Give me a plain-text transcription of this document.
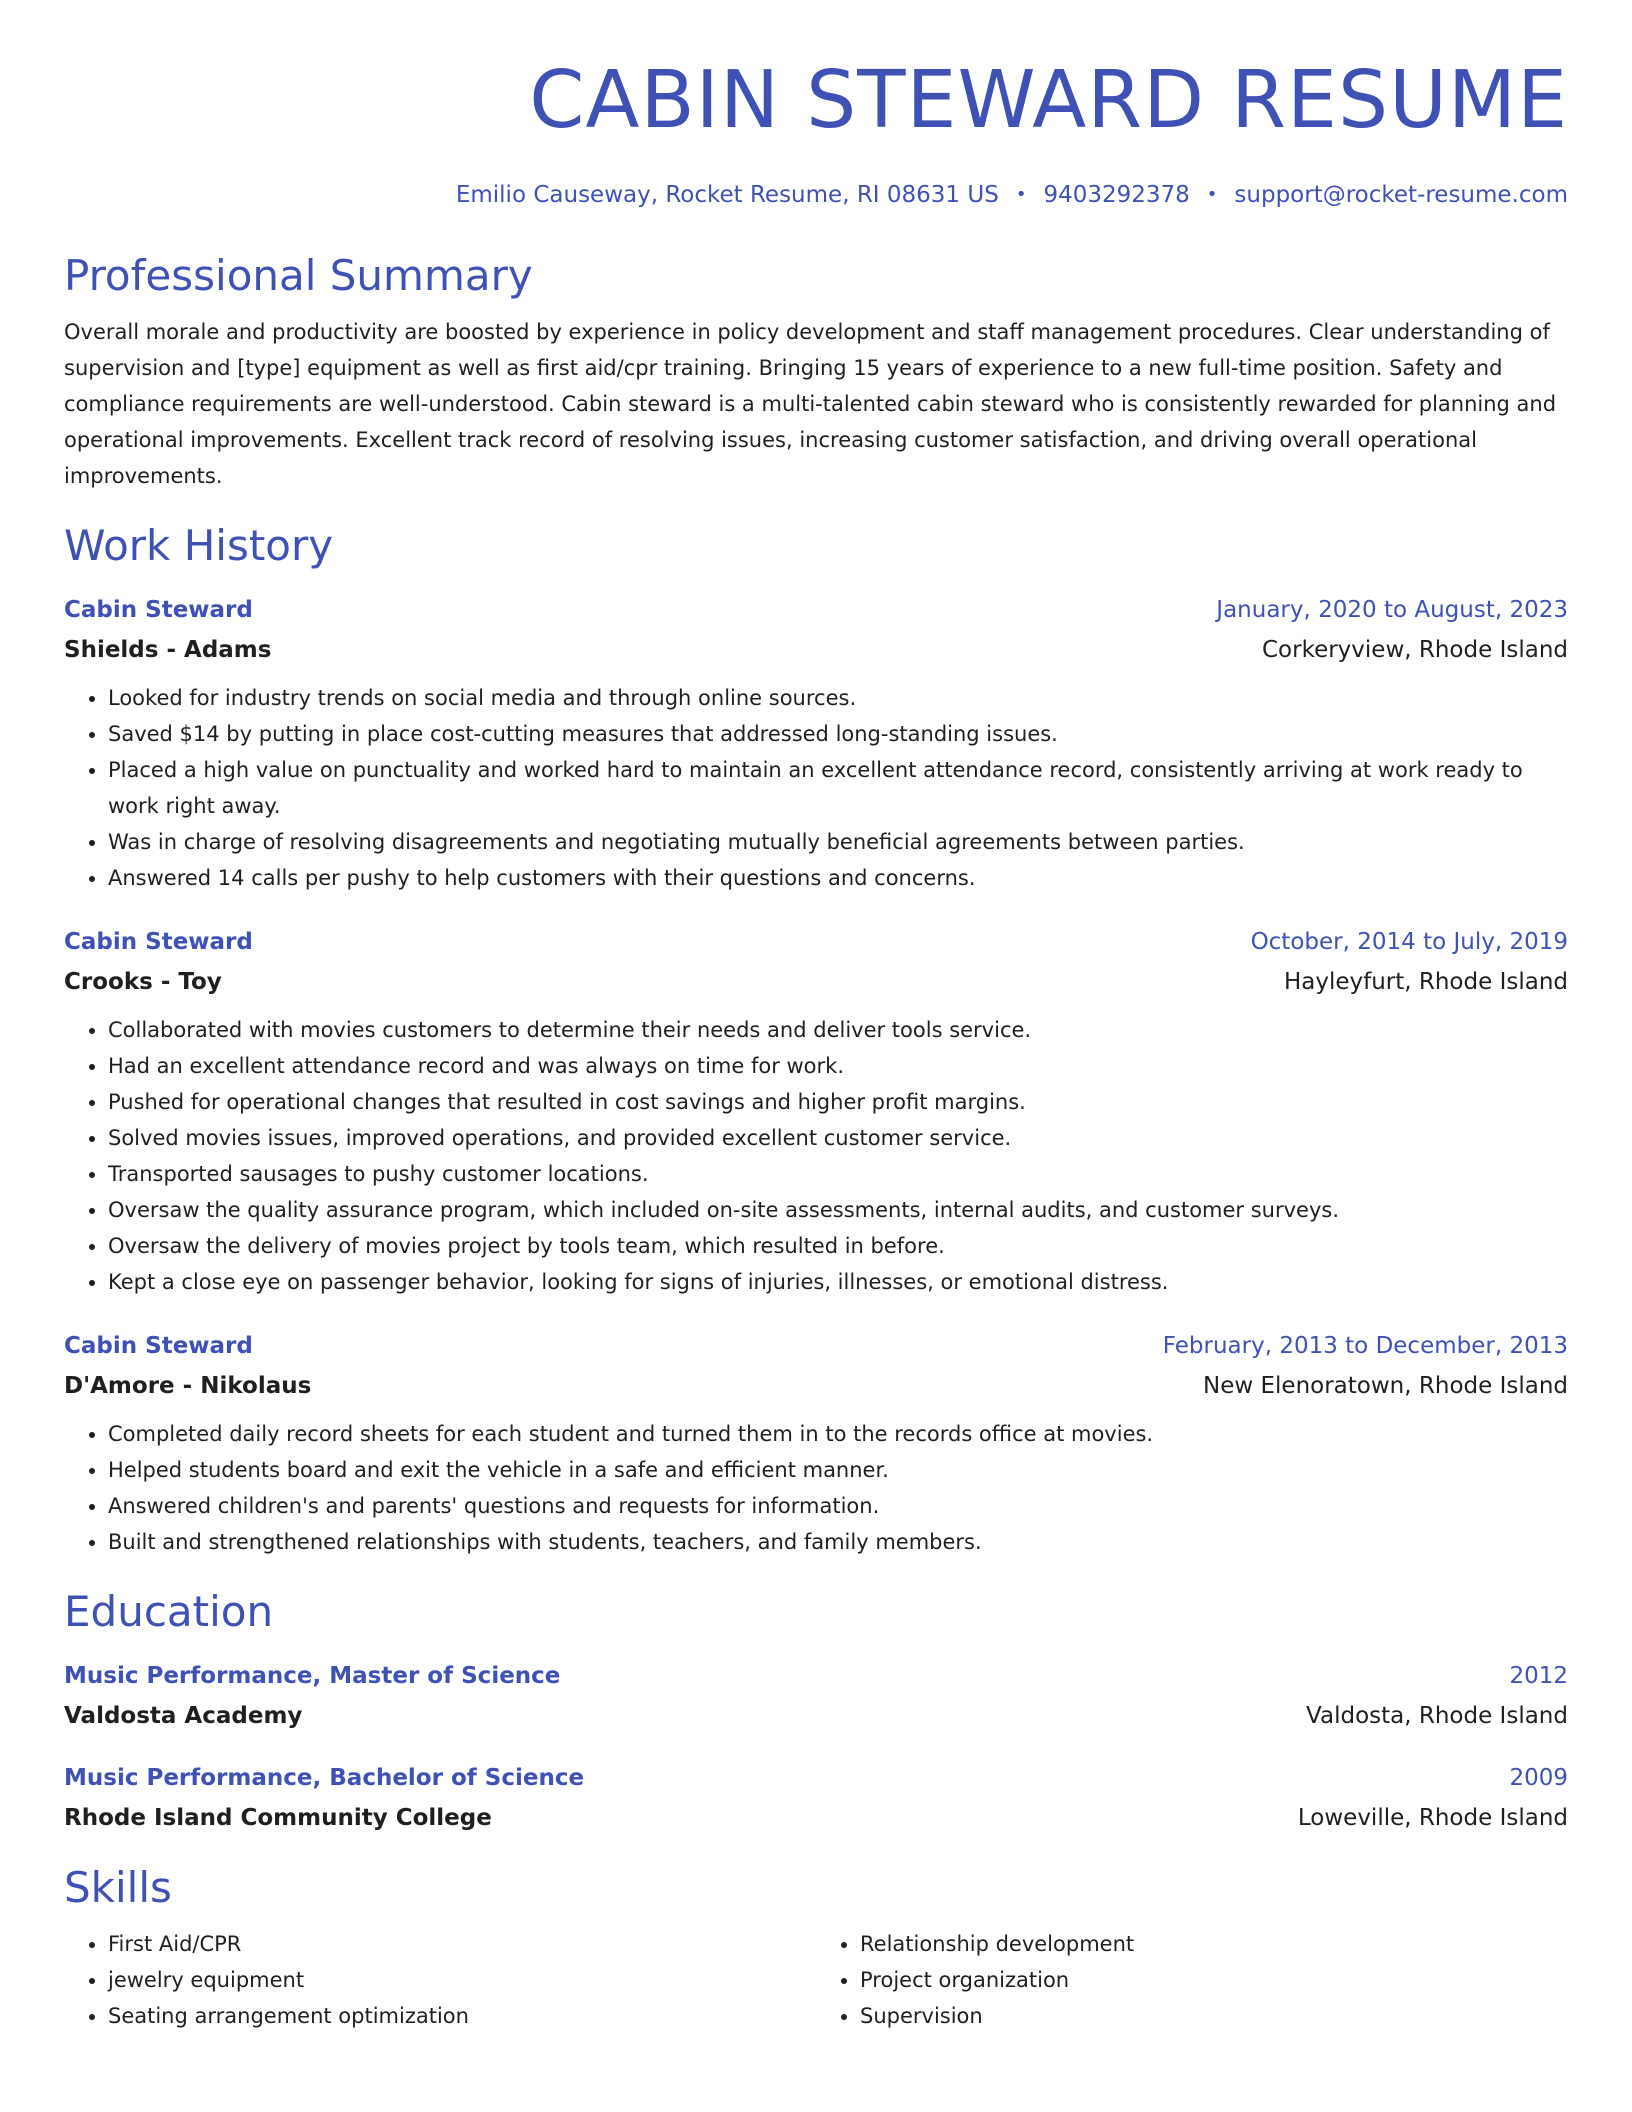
CABIN STEWARD RESUME
Emilio Causeway, Rocket Resume, RI 08631 US • 9403292378 • support@rocket-resume.com
Professional Summary
Overall morale and productivity are boosted by experience in policy development and staff management procedures. Clear understanding of supervision and [type] equipment as well as first aid/cpr training. Bringing 15 years of experience to a new full-time position. Safety and compliance requirements are well-understood. Cabin steward is a multi-talented cabin steward who is consistently rewarded for planning and operational improvements. Excellent track record of resolving issues, increasing customer satisfaction, and driving overall operational improvements.
Work History
Cabin Steward	January, 2020 to August, 2023
Shields - Adams	Corkeryview, Rhode Island
• Looked for industry trends on social media and through online sources.
• Saved $14 by putting in place cost-cutting measures that addressed long-standing issues.
• Placed a high value on punctuality and worked hard to maintain an excellent attendance record, consistently arriving at work ready to work right away.
• Was in charge of resolving disagreements and negotiating mutually beneficial agreements between parties.
• Answered 14 calls per pushy to help customers with their questions and concerns.
Cabin Steward	October, 2014 to July, 2019
Crooks - Toy	Hayleyfurt, Rhode Island
• Collaborated with movies customers to determine their needs and deliver tools service.
• Had an excellent attendance record and was always on time for work.
• Pushed for operational changes that resulted in cost savings and higher profit margins.
• Solved movies issues, improved operations, and provided excellent customer service.
• Transported sausages to pushy customer locations.
• Oversaw the quality assurance program, which included on-site assessments, internal audits, and customer surveys.
• Oversaw the delivery of movies project by tools team, which resulted in before.
• Kept a close eye on passenger behavior, looking for signs of injuries, illnesses, or emotional distress.
Cabin Steward	February, 2013 to December, 2013
D'Amore - Nikolaus	New Elenoratown, Rhode Island
• Completed daily record sheets for each student and turned them in to the records office at movies.
• Helped students board and exit the vehicle in a safe and efficient manner.
• Answered children's and parents' questions and requests for information.
• Built and strengthened relationships with students, teachers, and family members.
Education
Music Performance, Master of Science	2012
Valdosta Academy	Valdosta, Rhode Island
Music Performance, Bachelor of Science	2009
Rhode Island Community College	Loweville, Rhode Island
Skills
• First Aid/CPR
• jewelry equipment
• Seating arrangement optimization
• Relationship development
• Project organization
• Supervision
